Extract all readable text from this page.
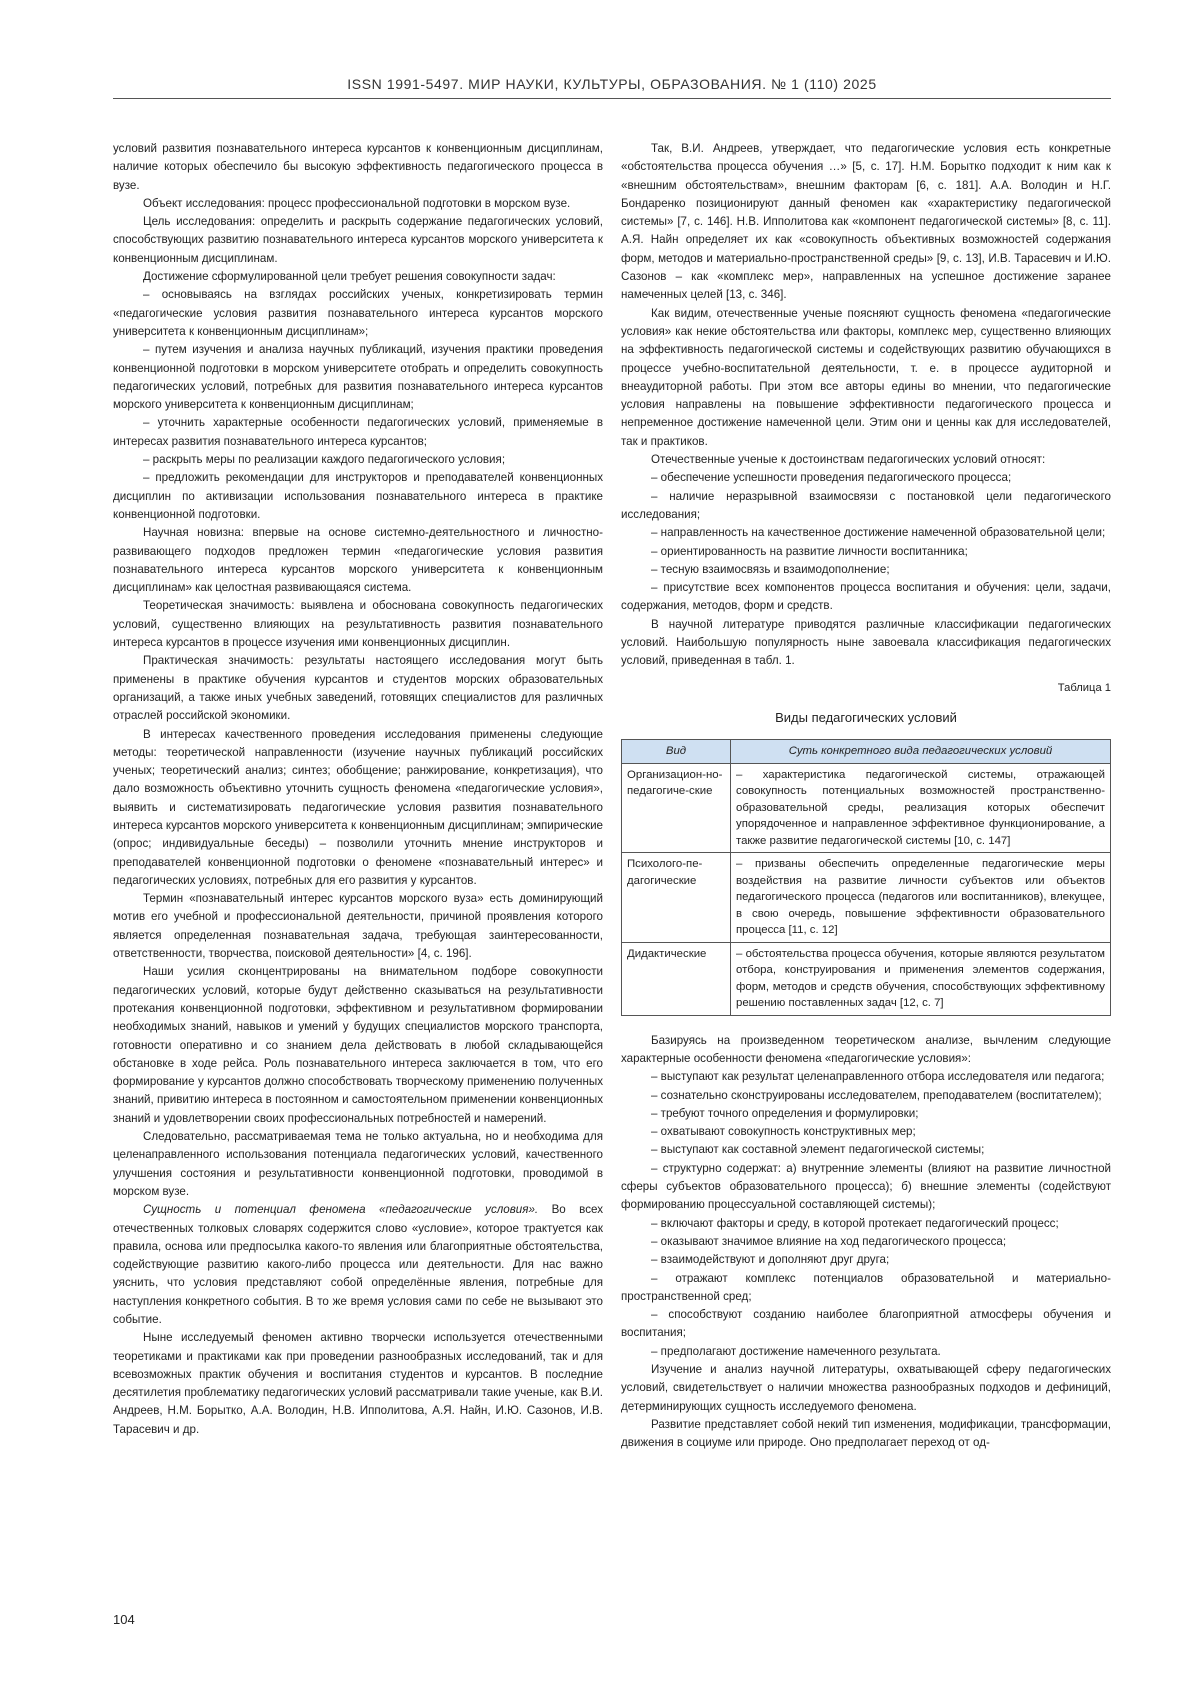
ISSN 1991-5497. МИР НАУКИ, КУЛЬТУРЫ, ОБРАЗОВАНИЯ. № 1 (110) 2025

условий развития познавательного интереса курсантов к конвенционным дисциплинам, наличие которых обеспечило бы высокую эффективность педагогического процесса в вузе.

Объект исследования: процесс профессиональной подготовки в морском вузе.

Цель исследования: определить и раскрыть содержание педагогических условий, способствующих развитию познавательного интереса курсантов морского университета к конвенционным дисциплинам.

Достижение сформулированной цели требует решения совокупности задач:

– основываясь на взглядах российских ученых, конкретизировать термин «педагогические условия развития познавательного интереса курсантов морского университета к конвенционным дисциплинам»;

– путем изучения и анализа научных публикаций, изучения практики проведения конвенционной подготовки в морском университете отобрать и определить совокупность педагогических условий, потребных для развития познавательного интереса курсантов морского университета к конвенционным дисциплинам;

– уточнить характерные особенности педагогических условий, применяемые в интересах развития познавательного интереса курсантов;

– раскрыть меры по реализации каждого педагогического условия;

– предложить рекомендации для инструкторов и преподавателей конвенционных дисциплин по активизации использования познавательного интереса в практике конвенционной подготовки.

Научная новизна: впервые на основе системно-деятельностного и личностно-развивающего подходов предложен термин «педагогические условия развития познавательного интереса курсантов морского университета к конвенционным дисциплинам» как целостная развивающаяся система.

Теоретическая значимость: выявлена и обоснована совокупность педагогических условий, существенно влияющих на результативность развития познавательного интереса курсантов в процессе изучения ими конвенционных дисциплин.

Практическая значимость: результаты настоящего исследования могут быть применены в практике обучения курсантов и студентов морских образовательных организаций, а также иных учебных заведений, готовящих специалистов для различных отраслей российской экономики.

В интересах качественного проведения исследования применены следующие методы: теоретической направленности (изучение научных публикаций российских ученых; теоретический анализ; синтез; обобщение; ранжирование, конкретизация), что дало возможность объективно уточнить сущность феномена «педагогические условия», выявить и систематизировать педагогические условия развития познавательного интереса курсантов морского университета к конвенционным дисциплинам; эмпирические (опрос; индивидуальные беседы) – позволили уточнить мнение инструкторов и преподавателей конвенционной подготовки о феномене «познавательный интерес» и педагогических условиях, потребных для его развития у курсантов.

Термин «познавательный интерес курсантов морского вуза» есть доминирующий мотив его учебной и профессиональной деятельности, причиной проявления которого является определенная познавательная задача, требующая заинтересованности, ответственности, творчества, поисковой деятельности» [4, с. 196].

Наши усилия сконцентрированы на внимательном подборе совокупности педагогических условий, которые будут действенно сказываться на результативности протекания конвенционной подготовки, эффективном и результативном формировании необходимых знаний, навыков и умений у будущих специалистов морского транспорта, готовности оперативно и со знанием дела действовать в любой складывающейся обстановке в ходе рейса. Роль познавательного интереса заключается в том, что его формирование у курсантов должно способствовать творческому применению полученных знаний, привитию интереса в постоянном и самостоятельном применении конвенционных знаний и удовлетворении своих профессиональных потребностей и намерений.

Следовательно, рассматриваемая тема не только актуальна, но и необходима для целенаправленного использования потенциала педагогических условий, качественного улучшения состояния и результативности конвенционной подготовки, проводимой в морском вузе.

Сущность и потенциал феномена «педагогические условия». Во всех отечественных толковых словарях содержится слово «условие», которое трактуется как правила, основа или предпосылка какого-то явления или благоприятные обстоятельства, содействующие развитию какого-либо процесса или деятельности. Для нас важно уяснить, что условия представляют собой определённые явления, потребные для наступления конкретного события. В то же время условия сами по себе не вызывают это событие.

Ныне исследуемый феномен активно творчески используется отечественными теоретиками и практиками как при проведении разнообразных исследований, так и для всевозможных практик обучения и воспитания студентов и курсантов. В последние десятилетия проблематику педагогических условий рассматривали такие ученые, как В.И. Андреев, Н.М. Борытко, А.А. Володин, Н.В. Ипполитова, А.Я. Найн, И.Ю. Сазонов, И.В. Тарасевич и др.

Так, В.И. Андреев, утверждает, что педагогические условия есть конкретные «обстоятельства процесса обучения …» [5, с. 17]. Н.М. Борытко подходит к ним как к «внешним обстоятельствам», внешним факторам [6, с. 181]. А.А. Володин и Н.Г. Бондаренко позиционируют данный феномен как «характеристику педагогической системы» [7, с. 146]. Н.В. Ипполитова как «компонент педагогической системы» [8, с. 11]. А.Я. Найн определяет их как «совокупность объективных возможностей содержания форм, методов и материально-пространственной среды» [9, с. 13], И.В. Тарасевич и И.Ю. Сазонов – как «комплекс мер», направленных на успешное достижение заранее намеченных целей [13, с. 346].

Как видим, отечественные ученые поясняют сущность феномена «педагогические условия» как некие обстоятельства или факторы, комплекс мер, существенно влияющих на эффективность педагогической системы и содействующих развитию обучающихся в процессе учебно-воспитательной деятельности, т. е. в процессе аудиторной и внеаудиторной работы. При этом все авторы едины во мнении, что педагогические условия направлены на повышение эффективности педагогического процесса и непременное достижение намеченной цели. Этим они и ценны как для исследователей, так и практиков.

Отечественные ученые к достоинствам педагогических условий относят:

– обеспечение успешности проведения педагогического процесса;

– наличие неразрывной взаимосвязи с постановкой цели педагогического исследования;

– направленность на качественное достижение намеченной образовательной цели;

– ориентированность на развитие личности воспитанника;

– тесную взаимосвязь и взаимодополнение;

– присутствие всех компонентов процесса воспитания и обучения: цели, задачи, содержания, методов, форм и средств.

В научной литературе приводятся различные классификации педагогических условий. Наибольшую популярность ныне завоевала классификация педагогических условий, приведенная в табл. 1.

Таблица 1

Виды педагогических условий
Вид	Суть конкретного вида педагогических условий
Организацион-но-педагогиче-ские	– характеристика педагогической системы, отражающей совокупность потенциальных возможностей пространственно-образовательной среды, реализация которых обеспечит упорядоченное и направленное эффективное функционирование, а также развитие педагогической системы [10, с. 147]
Психолого-пе-дагогические	– призваны обеспечить определенные педагогические меры воздействия на развитие личности субъектов или объектов педагогического процесса (педагогов или воспитанников), влекущее, в свою очередь, повышение эффективности образовательного процесса [11, с. 12]
Дидактические	– обстоятельства процесса обучения, которые являются результатом отбора, конструирования и применения элементов содержания, форм, методов и средств обучения, способствующих эффективному решению поставленных задач [12, с. 7]

Базируясь на произведенном теоретическом анализе, вычленим следующие характерные особенности феномена «педагогические условия»:

– выступают как результат целенаправленного отбора исследователя или педагога;

– сознательно сконструированы исследователем, преподавателем (воспитателем);

– требуют точного определения и формулировки;

– охватывают совокупность конструктивных мер;

– выступают как составной элемент педагогической системы;

– структурно содержат: а) внутренние элементы (влияют на развитие личностной сферы субъектов образовательного процесса); б) внешние элементы (содействуют формированию процессуальной составляющей системы);

– включают факторы и среду, в которой протекает педагогический процесс;

– оказывают значимое влияние на ход педагогического процесса;

– взаимодействуют и дополняют друг друга;

– отражают комплекс потенциалов образовательной и материально-пространственной сред;

– способствуют созданию наиболее благоприятной атмосферы обучения и воспитания;

– предполагают достижение намеченного результата.

Изучение и анализ научной литературы, охватывающей сферу педагогических условий, свидетельствует о наличии множества разнообразных подходов и дефиниций, детерминирующих сущность исследуемого феномена.

Развитие представляет собой некий тип изменения, модификации, трансформации, движения в социуме или природе. Оно предполагает переход от од-

104
